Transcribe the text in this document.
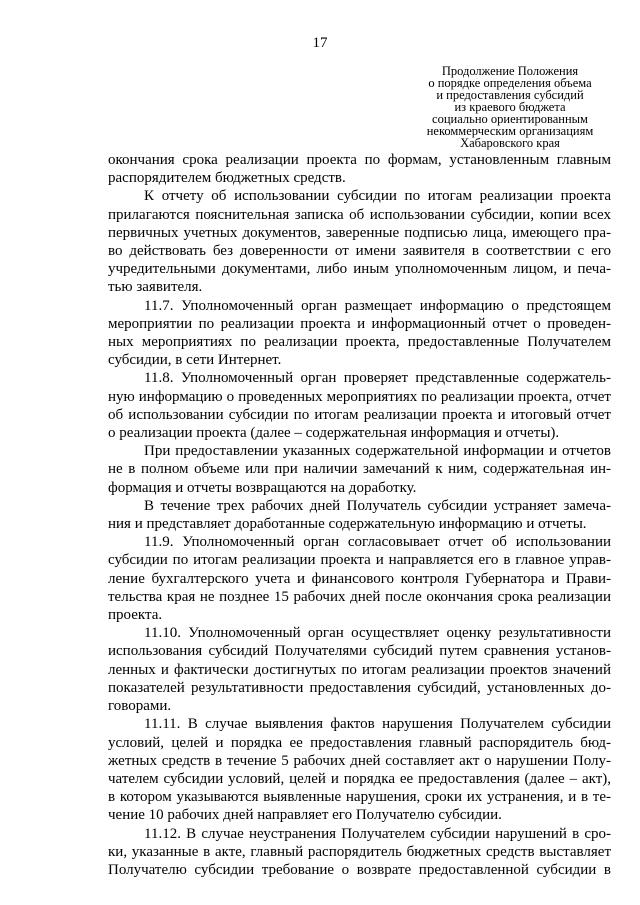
17
Продолжение Положения
о порядке определения объема
и предоставления субсидий
из краевого бюджета
социально ориентированным
некоммерческим организациям
Хабаровского края
окончания срока реализации проекта по формам, установленным главным
распорядителем бюджетных средств.
К отчету об использовании субсидии по итогам реализации проекта
прилагаются пояснительная записка об использовании субсидии, копии всех
первичных учетных документов, заверенные подписью лица, имеющего пра-
во действовать без доверенности от имени заявителя в соответствии с его
учредительными документами, либо иным уполномоченным лицом, и печа-
тью заявителя.
11.7. Уполномоченный орган размещает информацию о предстоящем
мероприятии по реализации проекта и информационный отчет о проведен-
ных мероприятиях по реализации проекта, предоставленные Получателем
субсидии, в сети Интернет.
11.8. Уполномоченный орган проверяет представленные содержатель-
ную информацию о проведенных мероприятиях по реализации проекта, отчет
об использовании субсидии по итогам реализации проекта и итоговый отчет
о реализации проекта (далее – содержательная информация и отчеты).
При предоставлении указанных содержательной информации и отчетов
не в полном объеме или при наличии замечаний к ним, содержательная ин-
формация и отчеты возвращаются на доработку.
В течение трех рабочих дней Получатель субсидии устраняет замеча-
ния и представляет доработанные содержательную информацию и отчеты.
11.9. Уполномоченный орган согласовывает отчет об использовании
субсидии по итогам реализации проекта и направляется его в главное управ-
ление бухгалтерского учета и финансового контроля Губернатора и Прави-
тельства края не позднее 15 рабочих дней после окончания срока реализации
проекта.
11.10. Уполномоченный орган осуществляет оценку результативности
использования субсидий Получателями субсидий путем сравнения установ-
ленных и фактически достигнутых по итогам реализации проектов значений
показателей результативности предоставления субсидий, установленных до-
говорами.
11.11. В случае выявления фактов нарушения Получателем субсидии
условий, целей и порядка ее предоставления главный распорядитель бюд-
жетных средств в течение 5 рабочих дней составляет акт о нарушении Полу-
чателем субсидии условий, целей и порядка ее предоставления (далее – акт),
в котором указываются выявленные нарушения, сроки их устранения, и в те-
чение 10 рабочих дней направляет его Получателю субсидии.
11.12. В случае неустранения Получателем субсидии нарушений в сро-
ки, указанные в акте, главный распорядитель бюджетных средств выставляет
Получателю субсидии требование о возврате предоставленной субсидии в
